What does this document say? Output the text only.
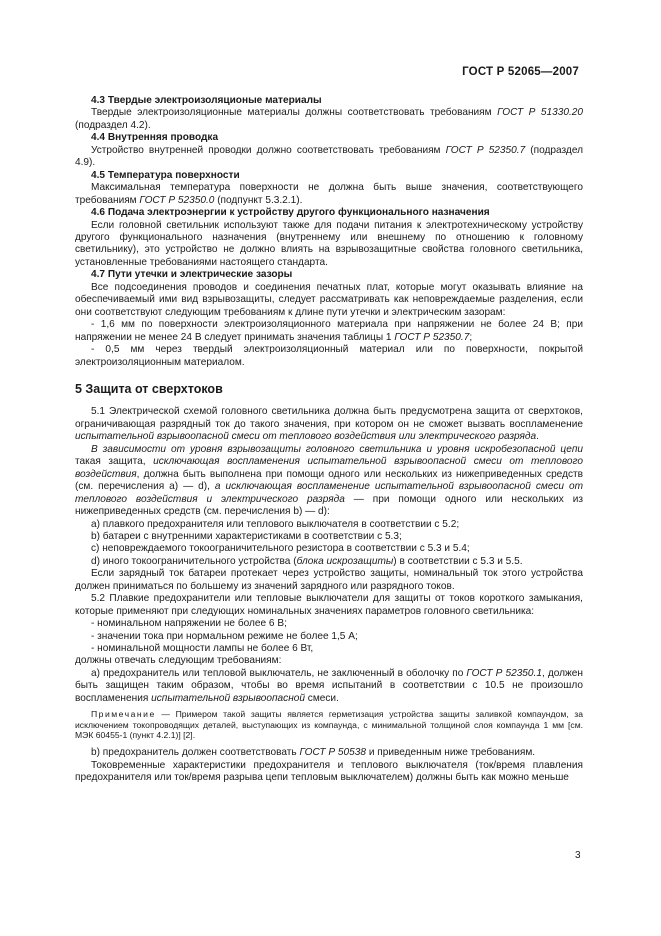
ГОСТ Р 52065—2007

4.3 Твердые электроизоляционые материалы

Твердые электроизоляционные материалы должны соответствовать требованиям ГОСТ Р 51330.20 (подраздел 4.2).

4.4 Внутренняя проводка

Устройство внутренней проводки должно соответствовать требованиям ГОСТ Р 52350.7 (подраздел 4.9).

4.5 Температура поверхности

Максимальная температура поверхности не должна быть выше значения, соответствующего требованиям ГОСТ Р 52350.0 (подпункт 5.3.2.1).

4.6 Подача электроэнергии к устройству другого функционального назначения

Если головной светильник используют также для подачи питания к электротехническому устройству другого функционального назначения (внутреннему или внешнему по отношению к головному светильнику), это устройство не должно влиять на взрывозащитные свойства головного светильника, установленные требованиями настоящего стандарта.

4.7 Пути утечки и электрические зазоры

Все подсоединения проводов и соединения печатных плат, которые могут оказывать влияние на обеспечиваемый ими вид взрывозащиты, следует рассматривать как неповреждаемые разделения, если они соответствуют следующим требованиям к длине пути утечки и электрическим зазорам:

- 1,6 мм по поверхности электроизоляционного материала при напряжении не более 24 В; при напряжении не менее 24 В следует принимать значения таблицы 1 ГОСТ Р 52350.7;

- 0,5 мм через твердый электроизоляционный материал или по поверхности, покрытой электроизоляционным материалом.

5 Защита от сверхтоков

5.1 Электрической схемой головного светильника должна быть предусмотрена защита от сверхтоков, ограничивающая разрядный ток до такого значения, при котором он не сможет вызвать воспламенение испытательной взрывоопасной смеси от теплового воздействия или электрического разряда.

В зависимости от уровня взрывозащиты головного светильника и уровня искробезопасной цепи такая защита, исключающая воспламенения испытательной взрывоопасной смеси от теплового воздействия, должна быть выполнена при помощи одного или нескольких из нижеприведенных средств (см. перечисления a) — d), а исключающая воспламенение испытательной взрывоопасной смеси от теплового воздействия и электрического разряда — при помощи одного или нескольких из нижеприведенных средств (см. перечисления b) — d):

a) плавкого предохранителя или теплового выключателя в соответствии с 5.2;

b) батареи с внутренними характеристиками в соответствии с 5.3;

c) неповреждаемого токоограничительного резистора в соответствии с 5.3 и 5.4;

d) иного токоограничительного устройства (блока искрозащиты) в соответствии с 5.3 и 5.5.

Если зарядный ток батареи протекает через устройство защиты, номинальный ток этого устройства должен приниматься по большему из значений зарядного или разрядного токов.

5.2 Плавкие предохранители или тепловые выключатели для защиты от токов короткого замыкания, которые применяют при следующих номинальных значениях параметров головного светильника:

- номинальном напряжении не более 6 В;

- значении тока при нормальном режиме не более 1,5 А;

- номинальной мощности лампы не более 6 Вт,

должны отвечать следующим требованиям:

a) предохранитель или тепловой выключатель, не заключенный в оболочку по ГОСТ Р 52350.1, должен быть защищен таким образом, чтобы во время испытаний в соответствии с 10.5 не произошло воспламенения испытательной взрывоопасной смеси.

Примечание — Примером такой защиты является герметизация устройства защиты заливкой компаундом, за исключением токопроводящих деталей, выступающих из компаунда, с минимальной толщиной слоя компаунда 1 мм [см. МЭК 60455-1 (пункт 4.2.1)] [2].

b) предохранитель должен соответствовать ГОСТ Р 50538 и приведенным ниже требованиям.

Токовременные характеристики предохранителя и теплового выключателя (ток/время плавления предохранителя или ток/время разрыва цепи тепловым выключателем) должны быть как можно меньше

3
